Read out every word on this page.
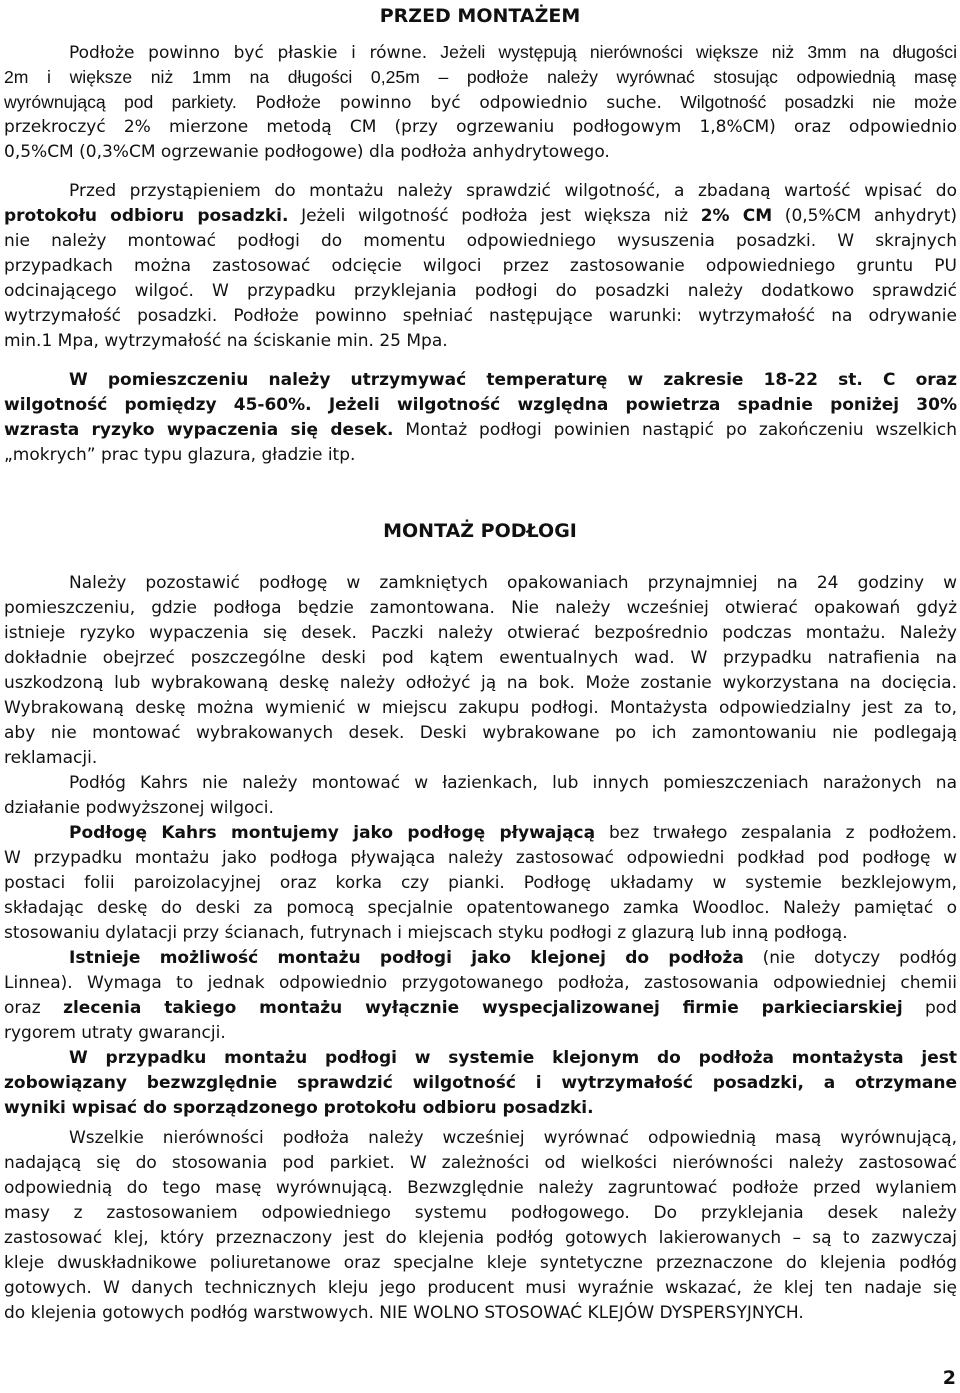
PRZED MONTAŻEM
Podłoże powinno być płaskie i równe. Jeżeli występują nierówności większe niż 3mm na długości
2m i większe niż 1mm na długości 0,25m – podłoże należy wyrównać stosując odpowiednią masę
wyrównującą pod parkiety. Podłoże powinno być odpowiednio suche. Wilgotność posadzki nie może
przekroczyć 2% mierzone metodą CM (przy ogrzewaniu podłogowym 1,8%CM) oraz odpowiednio
0,5%CM (0,3%CM ogrzewanie podłogowe) dla podłoża anhydrytowego.
Przed przystąpieniem do montażu należy sprawdzić wilgotność, a zbadaną wartość wpisać do
protokołu odbioru posadzki. Jeżeli wilgotność podłoża jest większa niż 2% CM (0,5%CM anhydryt)
nie należy montować podłogi do momentu odpowiedniego wysuszenia posadzki. W skrajnych
przypadkach można zastosować odcięcie wilgoci przez zastosowanie odpowiedniego gruntu PU
odcinającego wilgoć. W przypadku przyklejania podłogi do posadzki należy dodatkowo sprawdzić
wytrzymałość posadzki. Podłoże powinno spełniać następujące warunki: wytrzymałość na odrywanie
min.1 Mpa, wytrzymałość na ściskanie min. 25 Mpa.
W pomieszczeniu należy utrzymywać temperaturę w zakresie 18-22 st. C oraz
wilgotność pomiędzy 45-60%. Jeżeli wilgotność względna powietrza spadnie poniżej 30%
wzrasta ryzyko wypaczenia się desek. Montaż podłogi powinien nastąpić po zakończeniu wszelkich
„mokrych” prac typu glazura, gładzie itp.
MONTAŻ PODŁOGI
Należy pozostawić podłogę w zamkniętych opakowaniach przynajmniej na 24 godziny w
pomieszczeniu, gdzie podłoga będzie zamontowana. Nie należy wcześniej otwierać opakowań gdyż
istnieje ryzyko wypaczenia się desek. Paczki należy otwierać bezpośrednio podczas montażu. Należy
dokładnie obejrzeć poszczególne deski pod kątem ewentualnych wad. W przypadku natrafienia na
uszkodzoną lub wybrakowaną deskę należy odłożyć ją na bok. Może zostanie wykorzystana na docięcia.
Wybrakowaną deskę można wymienić w miejscu zakupu podłogi. Montażysta odpowiedzialny jest za to,
aby nie montować wybrakowanych desek. Deski wybrakowane po ich zamontowaniu nie podlegają
reklamacji.
Podłóg Kahrs nie należy montować w łazienkach, lub innych pomieszczeniach narażonych na
działanie podwyższonej wilgoci.
Podłogę Kahrs montujemy jako podłogę pływającą bez trwałego zespalania z podłożem.
W przypadku montażu jako podłoga pływająca należy zastosować odpowiedni podkład pod podłogę w
postaci folii paroizolacyjnej oraz korka czy pianki. Podłogę układamy w systemie bezklejowym,
składając deskę do deski za pomocą specjalnie opatentowanego zamka Woodloc. Należy pamiętać o
stosowaniu dylatacji przy ścianach, futrynach i miejscach styku podłogi z glazurą lub inną podłogą.
Istnieje możliwość montażu podłogi jako klejonej do podłoża (nie dotyczy podłóg
Linnea). Wymaga to jednak odpowiednio przygotowanego podłoża, zastosowania odpowiedniej chemii
oraz zlecenia takiego montażu wyłącznie wyspecjalizowanej firmie parkieciarskiej pod
rygorem utraty gwarancji.
W przypadku montażu podłogi w systemie klejonym do podłoża montażysta jest
zobowiązany bezwzględnie sprawdzić wilgotność i wytrzymałość posadzki, a otrzymane
wyniki wpisać do sporządzonego protokołu odbioru posadzki.
Wszelkie nierówności podłoża należy wcześniej wyrównać odpowiednią masą wyrównującą,
nadającą się do stosowania pod parkiet. W zależności od wielkości nierówności należy zastosować
odpowiednią do tego masę wyrównującą. Bezwzględnie należy zagruntować podłoże przed wylaniem
masy z zastosowaniem odpowiedniego systemu podłogowego. Do przyklejania desek należy
zastosować klej, który przeznaczony jest do klejenia podłóg gotowych lakierowanych – są to zazwyczaj
kleje dwuskładnikowe poliuretanowe oraz specjalne kleje syntetyczne przeznaczone do klejenia podłóg
gotowych. W danych technicznych kleju jego producent musi wyraźnie wskazać, że klej ten nadaje się
do klejenia gotowych podłóg warstwowych. NIE WOLNO STOSOWAĆ KLEJÓW DYSPERSYJNYCH.
2
